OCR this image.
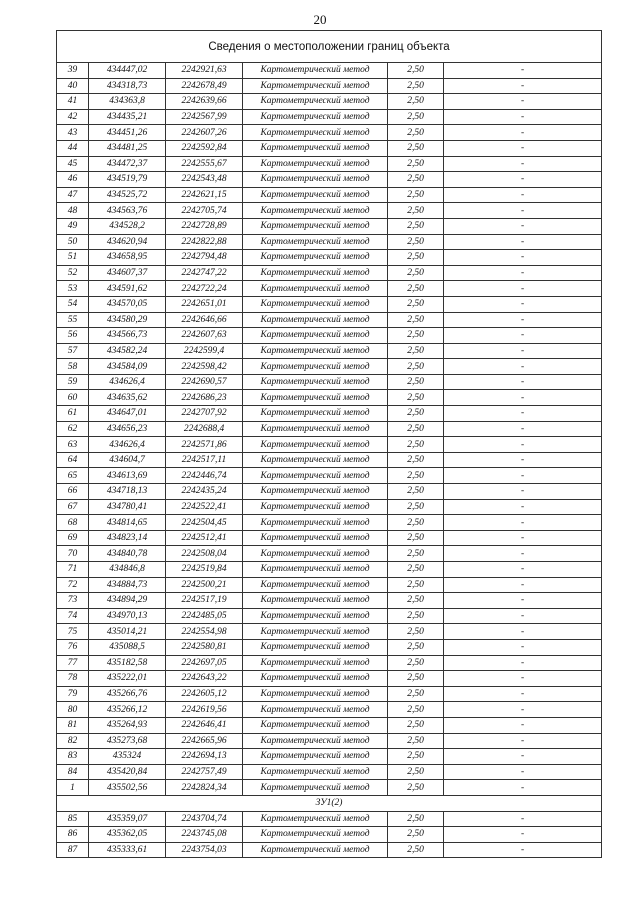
20
Сведения о местоположении границ объекта					
39	434447,02	2242921,63	Картометрический метод	2,50	-
40	434318,73	2242678,49	Картометрический метод	2,50	-
41	434363,8	2242639,66	Картометрический метод	2,50	-
42	434435,21	2242567,99	Картометрический метод	2,50	-
43	434451,26	2242607,26	Картометрический метод	2,50	-
44	434481,25	2242592,84	Картометрический метод	2,50	-
45	434472,37	2242555,67	Картометрический метод	2,50	-
46	434519,79	2242543,48	Картометрический метод	2,50	-
47	434525,72	2242621,15	Картометрический метод	2,50	-
48	434563,76	2242705,74	Картометрический метод	2,50	-
49	434528,2	2242728,89	Картометрический метод	2,50	-
50	434620,94	2242822,88	Картометрический метод	2,50	-
51	434658,95	2242794,48	Картометрический метод	2,50	-
52	434607,37	2242747,22	Картометрический метод	2,50	-
53	434591,62	2242722,24	Картометрический метод	2,50	-
54	434570,05	2242651,01	Картометрический метод	2,50	-
55	434580,29	2242646,66	Картометрический метод	2,50	-
56	434566,73	2242607,63	Картометрический метод	2,50	-
57	434582,24	2242599,4	Картометрический метод	2,50	-
58	434584,09	2242598,42	Картометрический метод	2,50	-
59	434626,4	2242690,57	Картометрический метод	2,50	-
60	434635,62	2242686,23	Картометрический метод	2,50	-
61	434647,01	2242707,92	Картометрический метод	2,50	-
62	434656,23	2242688,4	Картометрический метод	2,50	-
63	434626,4	2242571,86	Картометрический метод	2,50	-
64	434604,7	2242517,11	Картометрический метод	2,50	-
65	434613,69	2242446,74	Картометрический метод	2,50	-
66	434718,13	2242435,24	Картометрический метод	2,50	-
67	434780,41	2242522,41	Картометрический метод	2,50	-
68	434814,65	2242504,45	Картометрический метод	2,50	-
69	434823,14	2242512,41	Картометрический метод	2,50	-
70	434840,78	2242508,04	Картометрический метод	2,50	-
71	434846,8	2242519,84	Картометрический метод	2,50	-
72	434884,73	2242500,21	Картометрический метод	2,50	-
73	434894,29	2242517,19	Картометрический метод	2,50	-
74	434970,13	2242485,05	Картометрический метод	2,50	-
75	435014,21	2242554,98	Картометрический метод	2,50	-
76	435088,5	2242580,81	Картометрический метод	2,50	-
77	435182,58	2242697,05	Картометрический метод	2,50	-
78	435222,01	2242643,22	Картометрический метод	2,50	-
79	435266,76	2242605,12	Картометрический метод	2,50	-
80	435266,12	2242619,56	Картометрический метод	2,50	-
81	435264,93	2242646,41	Картометрический метод	2,50	-
82	435273,68	2242665,96	Картометрический метод	2,50	-
83	435324	2242694,13	Картометрический метод	2,50	-
84	435420,84	2242757,49	Картометрический метод	2,50	-
1	435502,56	2242824,34	Картометрический метод	2,50	-
ЗУ1(2)					
85	435359,07	2243704,74	Картометрический метод	2,50	-
86	435362,05	2243745,08	Картометрический метод	2,50	-
87	435333,61	2243754,03	Картометрический метод	2,50	-
